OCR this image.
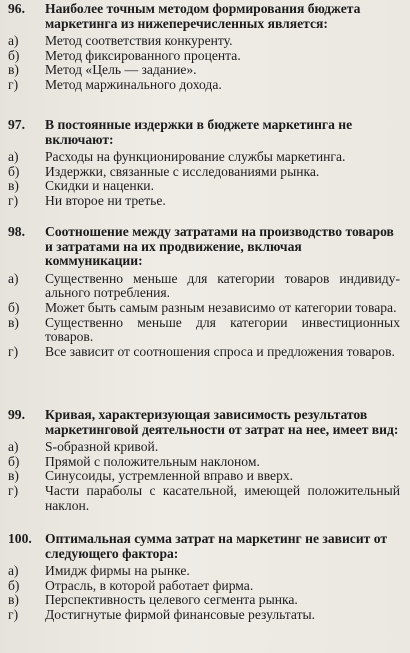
96.	Наиболее точным методом формирования бюджета маркетинга из нижеперечисленных является:
а)	Метод соответствия конкуренту.
б)	Метод фиксированного процента.
в)	Метод «Цель — задание».
г)	Метод маржинального дохода.
97.	В постоянные издержки в бюджете маркетинга не включают:
а)	Расходы на функционирование службы маркетинга.
б)	Издержки, связанные с исследованиями рынка.
в)	Скидки и наценки.
г)	Ни второе ни третье.
98.	Соотношение между затратами на производство товаров и затратами на их продвижение, включая коммуникации:
а)	Существенно меньше для категории товаров индивидуального потребления.
б)	Может быть самым разным независимо от категории товара.
в)	Существенно меньше для категории инвестиционных товаров.
г)	Все зависит от соотношения спроса и предложения товаров.
99.	Кривая, характеризующая зависимость результатов маркетинговой деятельности от затрат на нее, имеет вид:
а)	S-образной кривой.
б)	Прямой с положительным наклоном.
в)	Синусоиды, устремленной вправо и вверх.
г)	Части параболы с касательной, имеющей положительный наклон.
100. Оптимальная сумма затрат на маркетинг не зависит от следующего фактора:
а)	Имидж фирмы на рынке.
б)	Отрасль, в которой работает фирма.
в)	Перспективность целевого сегмента рынка.
г)	Достигнутые фирмой финансовые результаты.
